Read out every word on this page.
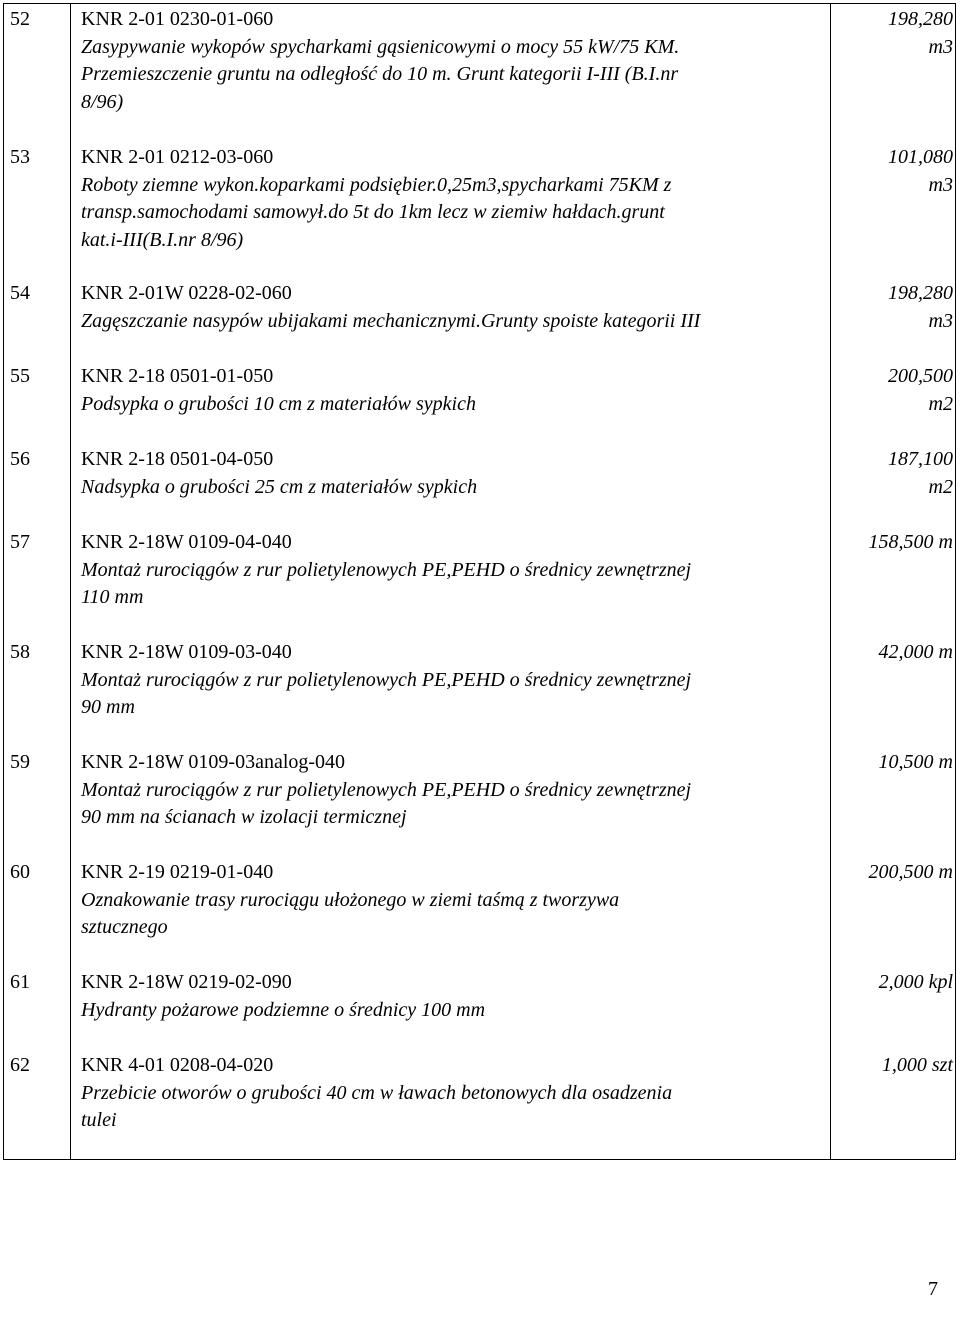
52	KNR 2-01 0230-01-060
Zasypywanie wykopów spycharkami gąsienicowymi o mocy 55 kW/75 KM.
Przemieszczenie gruntu na odległość do 10 m. Grunt kategorii I-III (B.I.nr
8/96)
198,280
m3
53	KNR 2-01 0212-03-060
Roboty ziemne wykon.koparkami podsiębier.0,25m3,spycharkami 75KM z
transp.samochodami samowył.do 5t do 1km lecz w ziemiw hałdach.grunt
kat.i-III(B.I.nr 8/96)
101,080
m3
54	KNR 2-01W 0228-02-060
Zagęszczanie nasypów ubijakami mechanicznymi.Grunty spoiste kategorii III
198,280
m3
55	KNR 2-18 0501-01-050
Podsypka o grubości 10 cm z materiałów sypkich
200,500
m2
56	KNR 2-18 0501-04-050
Nadsypka o grubości 25 cm z materiałów sypkich
187,100
m2
57	KNR 2-18W 0109-04-040
Montaż rurociągów z rur polietylenowych PE,PEHD o średnicy zewnętrznej
110 mm
158,500 m
58	KNR 2-18W 0109-03-040
Montaż rurociągów z rur polietylenowych PE,PEHD o średnicy zewnętrznej
90 mm
42,000 m
59	KNR 2-18W 0109-03analog-040
Montaż rurociągów z rur polietylenowych PE,PEHD o średnicy zewnętrznej
90 mm na ścianach w izolacji termicznej
10,500 m
60	KNR 2-19 0219-01-040
Oznakowanie trasy rurociągu ułożonego w ziemi taśmą z tworzywa
sztucznego
200,500 m
61	KNR 2-18W 0219-02-090
Hydranty pożarowe podziemne o średnicy 100 mm
2,000 kpl
62	KNR 4-01 0208-04-020
Przebicie otworów o grubości 40 cm w ławach betonowych dla osadzenia
tulei
1,000 szt
7
